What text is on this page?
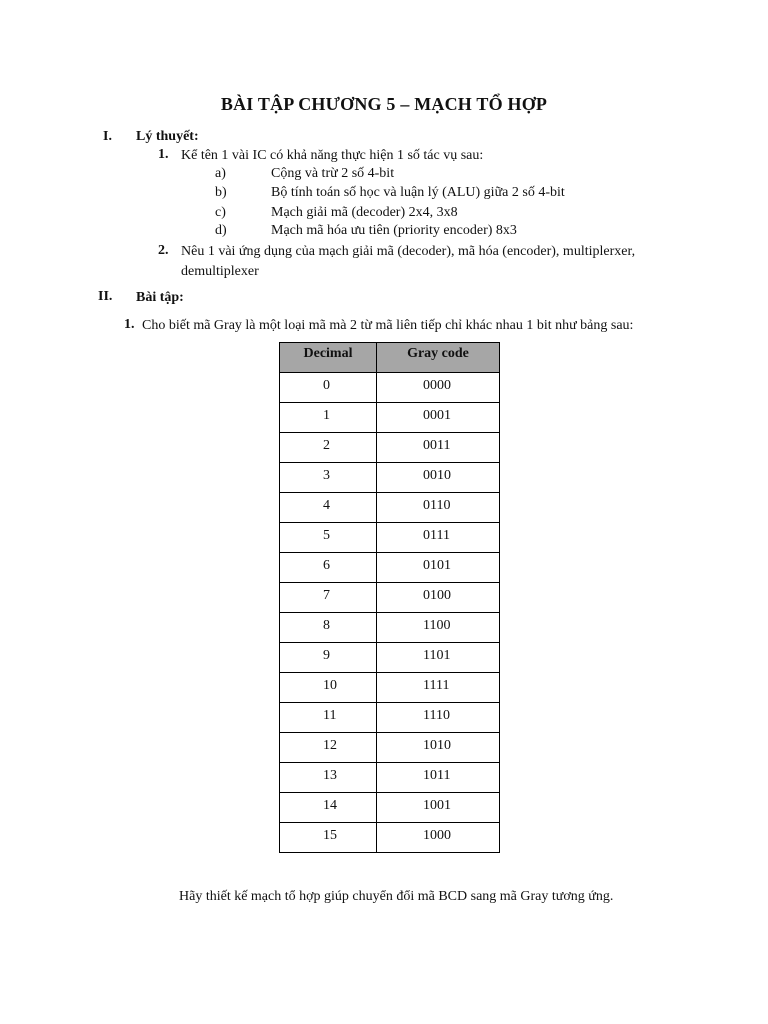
BÀI TẬP CHƯƠNG 5 – MẠCH TỔ HỢP
I. Lý thuyết:
1. Kể tên 1 vài IC có khả năng thực hiện 1 số tác vụ sau:
a)	Cộng và trừ 2 số 4-bit
b)	Bộ tính toán số học và luận lý (ALU) giữa 2 số 4-bit
c)	Mạch giải mã (decoder) 2x4, 3x8
d)	Mạch mã hóa ưu tiên (priority encoder) 8x3
2. Nêu 1 vài ứng dụng của mạch giải mã (decoder), mã hóa (encoder), multiplerxer,
demultiplexer
II. Bài tập:
1. Cho biết mã Gray là một loại mã mà 2 từ mã liên tiếp chỉ khác nhau 1 bit như bảng sau:
Decimal	Gray code
0	0000
1	0001
2	0011
3	0010
4	0110
5	0111
6	0101
7	0100
8	1100
9	1101
10	1111
11	1110
12	1010
13	1011
14	1001
15	1000
Hãy thiết kế mạch tổ hợp giúp chuyển đổi mã BCD sang mã Gray tương ứng.
